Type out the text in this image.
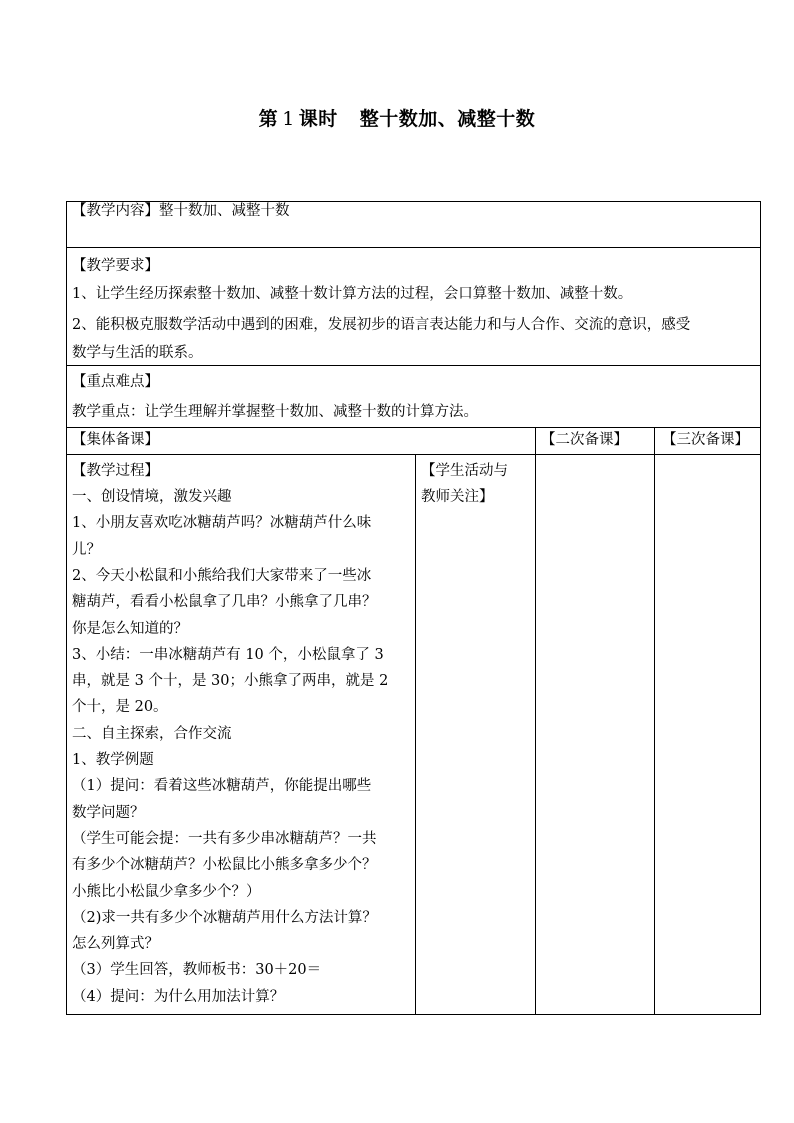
第 1 课时 整十数加、减整十数
【教学内容】整十数加、减整十数
【教学要求】
1、让学生经历探索整十数加、减整十数计算方法的过程，会口算整十数加、减整十数。
2、能积极克服数学活动中遇到的困难，发展初步的语言表达能力和与人合作、交流的意识，感受
数学与生活的联系。
【重点难点】
教学重点：让学生理解并掌握整十数加、减整十数的计算方法。
【集体备课】	【二次备课】 【三次备课】
【学生活动与
教师关注】
【教学过程】
一、创设情境，激发兴趣
1、小朋友喜欢吃冰糖葫芦吗？冰糖葫芦什么味
儿？
2、今天小松鼠和小熊给我们大家带来了一些冰
糖葫芦，看看小松鼠拿了几串？小熊拿了几串？
你是怎么知道的？
3、小结：一串冰糖葫芦有 10 个，小松鼠拿了 3
串，就是 3 个十，是 30；小熊拿了两串，就是 2
个十，是 20。
二、自主探索，合作交流
1、教学例题
（1）提问：看着这些冰糖葫芦，你能提出哪些
数学问题？
（学生可能会提：一共有多少串冰糖葫芦？一共
有多少个冰糖葫芦？小松鼠比小熊多拿多少个？
小熊比小松鼠少拿多少个？）
（2)求一共有多少个冰糖葫芦用什么方法计算？
怎么列算式？
（3）学生回答，教师板书：30＋20＝
（4）提问：为什么用加法计算？
